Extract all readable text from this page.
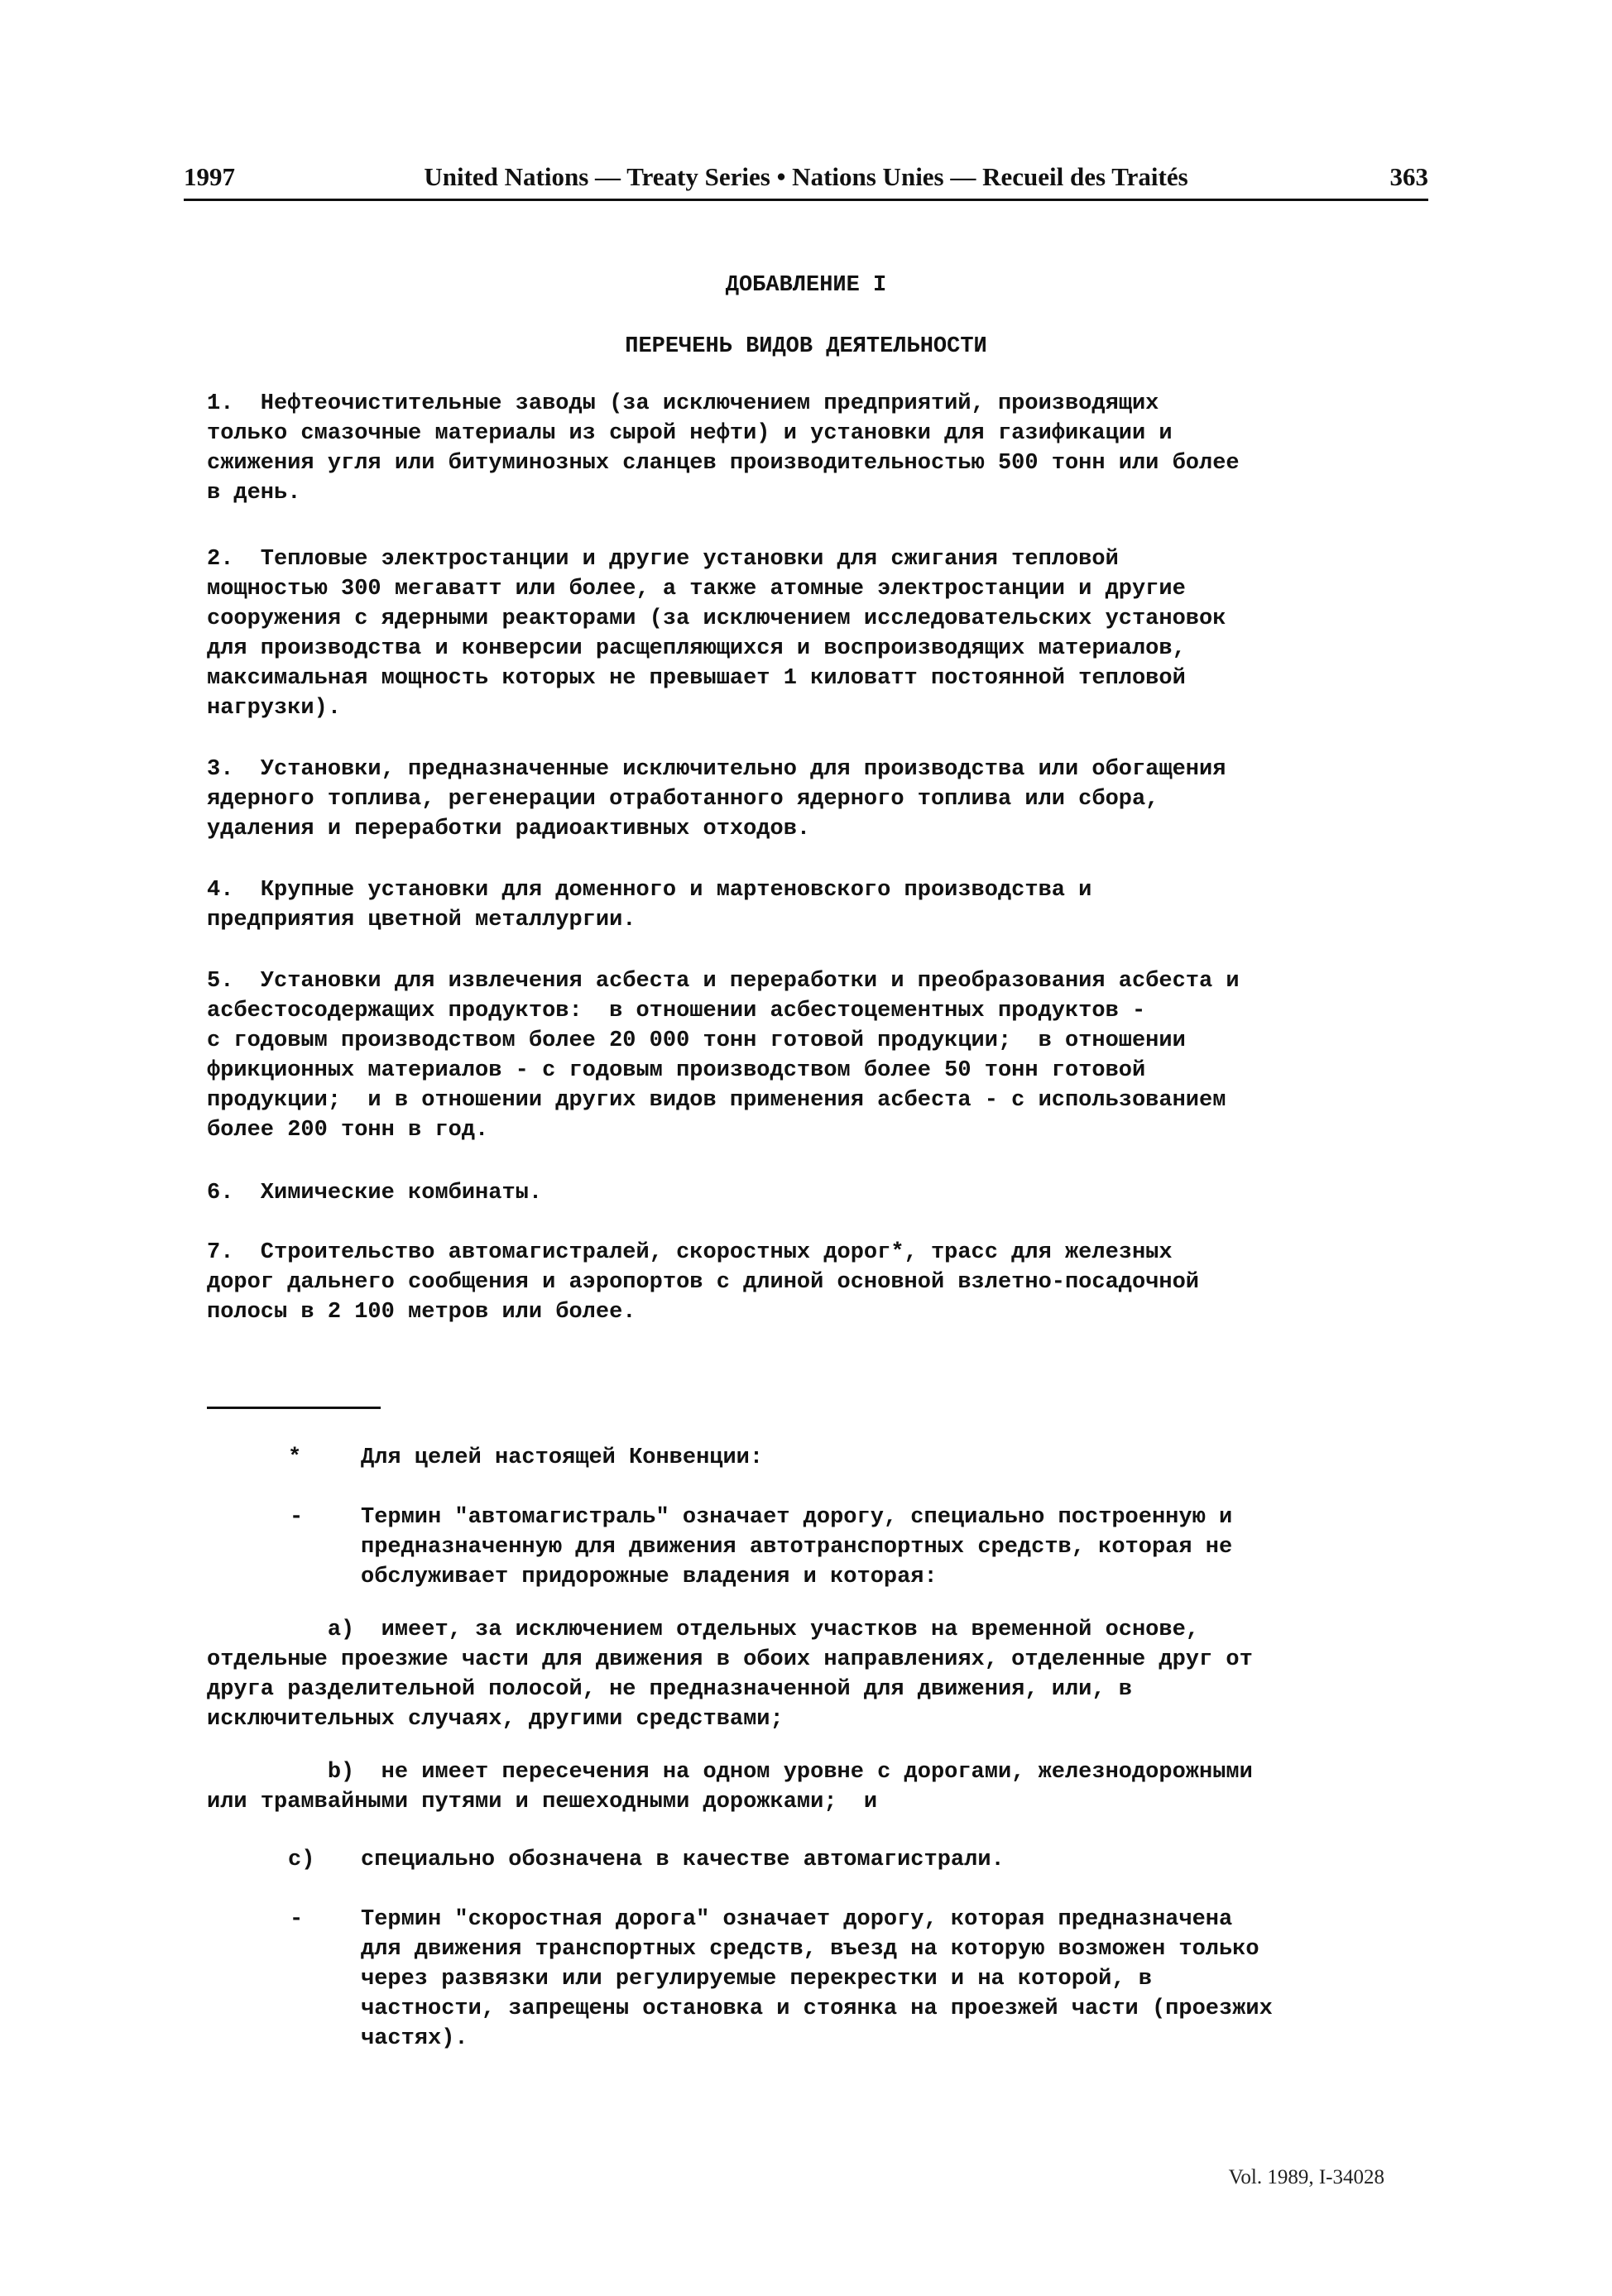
1997	United Nations — Treaty Series • Nations Unies — Recueil des Traités	363
ДОБАВЛЕНИЕ I
ПЕРЕЧЕНЬ ВИДОВ ДЕЯТЕЛЬНОСТИ
1.  Нефтеочистительные заводы (за исключением предприятий, производящих
только смазочные материалы из сырой нефти) и установки для газификации и
сжижения угля или битуминозных сланцев производительностью 500 тонн или более
в день.
2.  Тепловые электростанции и другие установки для сжигания тепловой
мощностью 300 мегаватт или более, а также атомные электростанции и другие
сооружения с ядерными реакторами (за исключением исследовательских установок
для производства и конверсии расщепляющихся и воспроизводящих материалов,
максимальная мощность которых не превышает 1 киловатт постоянной тепловой
нагрузки).
3.  Установки, предназначенные исключительно для производства или обогащения
ядерного топлива, регенерации отработанного ядерного топлива или сбора,
удаления и переработки радиоактивных отходов.
4.  Крупные установки для доменного и мартеновского производства и
предприятия цветной металлургии.
5.  Установки для извлечения асбеста и переработки и преобразования асбеста и
асбестосодержащих продуктов:  в отношении асбестоцементных продуктов -
с годовым производством более 20 000 тонн готовой продукции;  в отношении
фрикционных материалов - с годовым производством более 50 тонн готовой
продукции;  и в отношении других видов применения асбеста - с использованием
более 200 тонн в год.
6.  Химические комбинаты.
7.  Строительство автомагистралей, скоростных дорог*, трасс для железных
дорог дальнего сообщения и аэропортов с длиной основной взлетно-посадочной
полосы в 2 100 метров или более.
*	Для целей настоящей Конвенции:
-	Термин "автомагистраль" означает дорогу, специально построенную и
предназначенную для движения автотранспортных средств, которая не
обслуживает придорожные владения и которая:
a)  имеет, за исключением отдельных участков на временной основе,
отдельные проезжие части для движения в обоих направлениях, отделенные друг от
друга разделительной полосой, не предназначенной для движения, или, в
исключительных случаях, другими средствами;
b)  не имеет пересечения на одном уровне с дорогами, железнодорожными
или трамвайными путями и пешеходными дорожками;  и
c) специально обозначена в качестве автомагистрали.
-	Термин "скоростная дорога" означает дорогу, которая предназначена
для движения транспортных средств, въезд на которую возможен только
через развязки или регулируемые перекрестки и на которой, в
частности, запрещены остановка и стоянка на проезжей части (проезжих
частях).
Vol. 1989, I-34028
